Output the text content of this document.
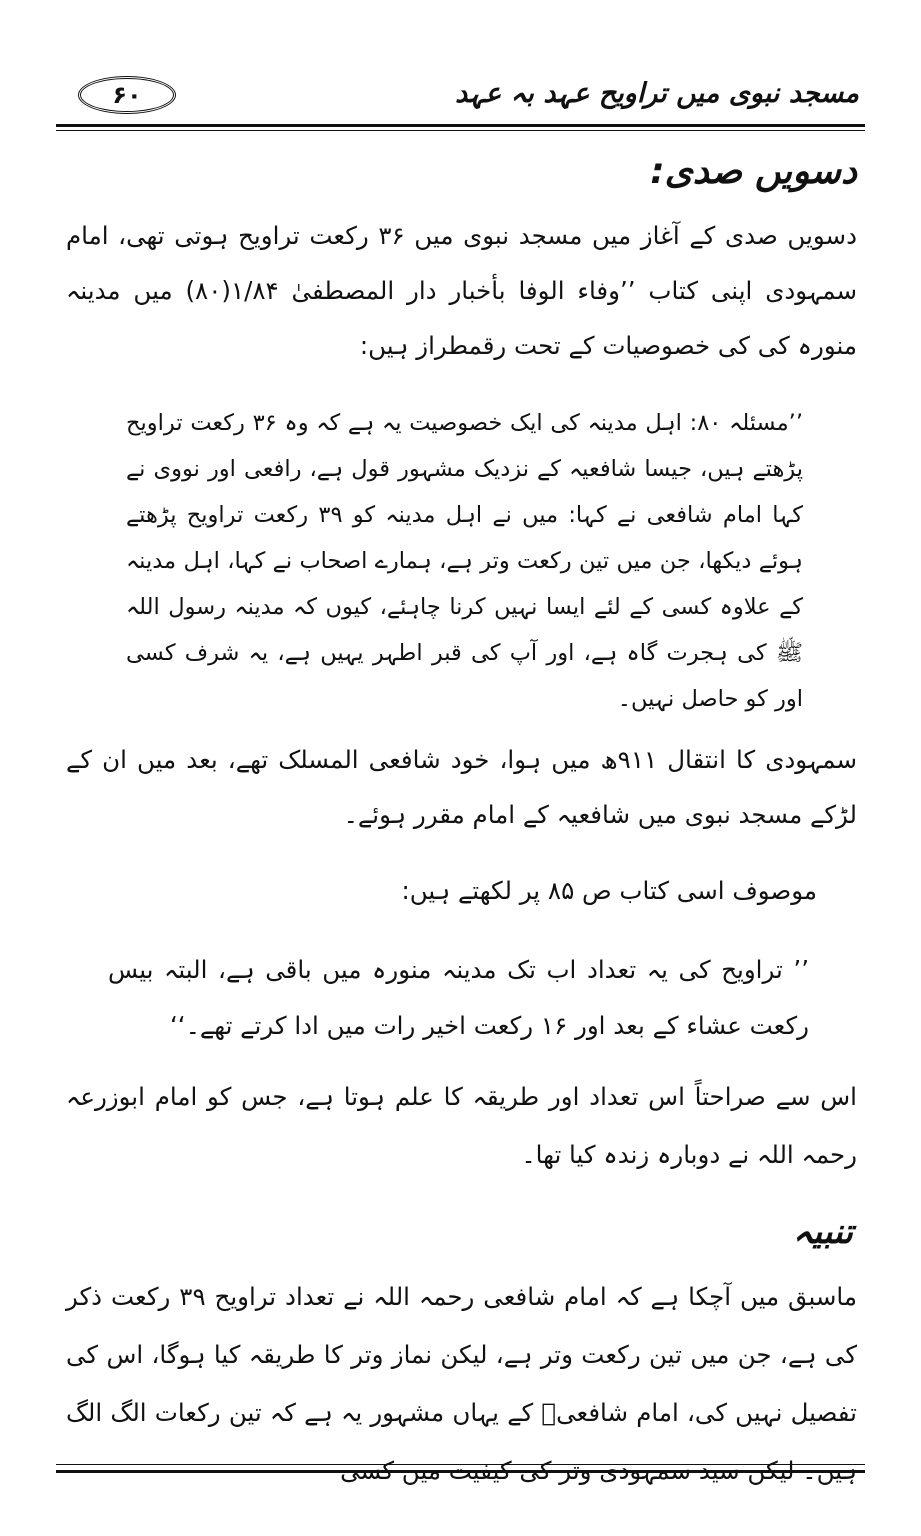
مسجد نبوی میں تراویح عہد بہ عہد
۶۰
دسویں صدی:
دسویں صدی کے آغاز میں مسجد نبوی میں ۳۶ رکعت تراویح ہوتی تھی، امام سمہودی اپنی کتاب ’’وفاء الوفا بأخبار دار المصطفیٰ ۱/۸۴(۸۰) میں مدینہ منورہ کی کی خصوصیات کے تحت رقمطراز ہیں:
’’مسئلہ ۸۰: اہل مدینہ کی ایک خصوصیت یہ ہے کہ وہ ۳۶ رکعت تراویح پڑھتے ہیں، جیسا شافعیہ کے نزدیک مشہور قول ہے، رافعی اور نووی نے کہا امام شافعی نے کہا: میں نے اہل مدینہ کو ۳۹ رکعت تراویح پڑھتے ہوئے دیکھا، جن میں تین رکعت وتر ہے، ہمارے اصحاب نے کہا، اہل مدینہ کے علاوہ کسی کے لئے ایسا نہیں کرنا چاہئے، کیوں کہ مدینہ رسول اللہ ﷺ کی ہجرت گاہ ہے، اور آپ کی قبر اطہر یہیں ہے، یہ شرف کسی اور کو حاصل نہیں۔
سمہودی کا انتقال ۹۱۱ھ میں ہوا، خود شافعی المسلک تھے، بعد میں ان کے لڑکے مسجد نبوی میں شافعیہ کے امام مقرر ہوئے۔
موصوف اسی کتاب ص ۸۵ پر لکھتے ہیں:
’’ تراویح کی یہ تعداد اب تک مدینہ منورہ میں باقی ہے، البتہ بیس رکعت عشاء کے بعد اور ۱۶ رکعت اخیر رات میں ادا کرتے تھے۔‘‘
اس سے صراحتاً اس تعداد اور طریقہ کا علم ہوتا ہے، جس کو امام ابوزرعہ رحمہ اللہ نے دوبارہ زندہ کیا تھا۔
تنبیہ
ماسبق میں آچکا ہے کہ امام شافعی رحمہ اللہ نے تعداد تراویح ۳۹ رکعت ذکر کی ہے، جن میں تین رکعت وتر ہے، لیکن نماز وتر کا طریقہ کیا ہوگا، اس کی تفصیل نہیں کی، امام شافعیؒ کے یہاں مشہور یہ ہے کہ تین رکعات الگ الگ ہیں۔ لیکن سید سمہودی وتر کی کیفیت میں کسی
